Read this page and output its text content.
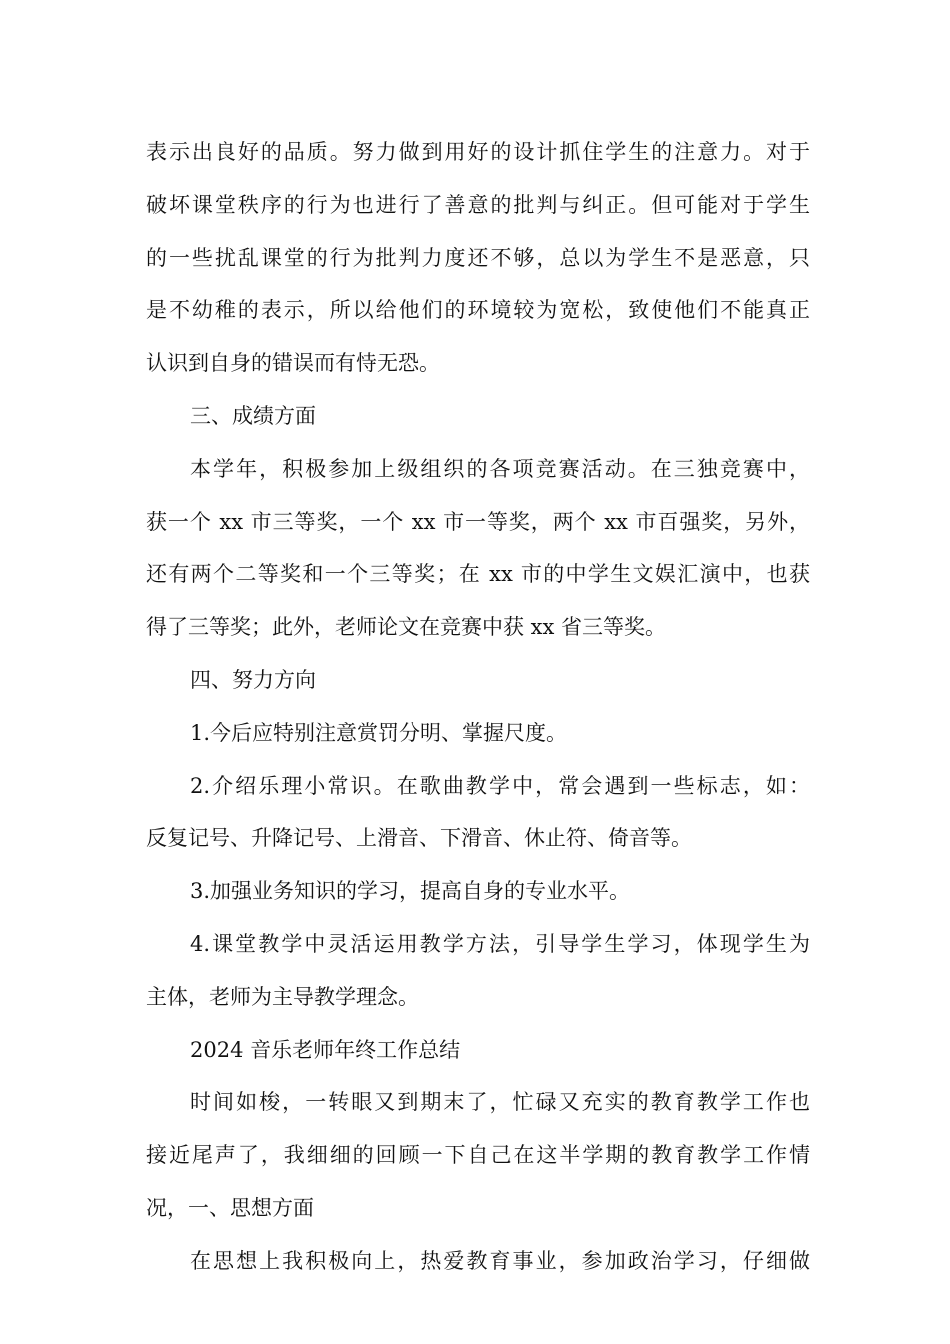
表示出良好的品质。努力做到用好的设计抓住学生的注意力。对于
破坏课堂秩序的行为也进行了善意的批判与纠正。但可能对于学生
的一些扰乱课堂的行为批判力度还不够，总以为学生不是恶意，只
是不幼稚的表示，所以给他们的环境较为宽松，致使他们不能真正
认识到自身的错误而有恃无恐。
三、成绩方面
本学年，积极参加上级组织的各项竞赛活动。在三独竞赛中，
获一个 xx 市三等奖，一个 xx 市一等奖，两个 xx 市百强奖，另外，
还有两个二等奖和一个三等奖；在 xx 市的中学生文娱汇演中，也获
得了三等奖；此外，老师论文在竞赛中获 xx 省三等奖。
四、努力方向
1.今后应特别注意赏罚分明、掌握尺度。
2.介绍乐理小常识。在歌曲教学中，常会遇到一些标志，如：
反复记号、升降记号、上滑音、下滑音、休止符、倚音等。
3.加强业务知识的学习，提高自身的专业水平。
4.课堂教学中灵活运用教学方法，引导学生学习，体现学生为
主体，老师为主导教学理念。
2024 音乐老师年终工作总结
时间如梭，一转眼又到期末了，忙碌又充实的教育教学工作也
接近尾声了，我细细的回顾一下自己在这半学期的教育教学工作情
况，一、思想方面
在思想上我积极向上，热爱教育事业，参加政治学习，仔细做
